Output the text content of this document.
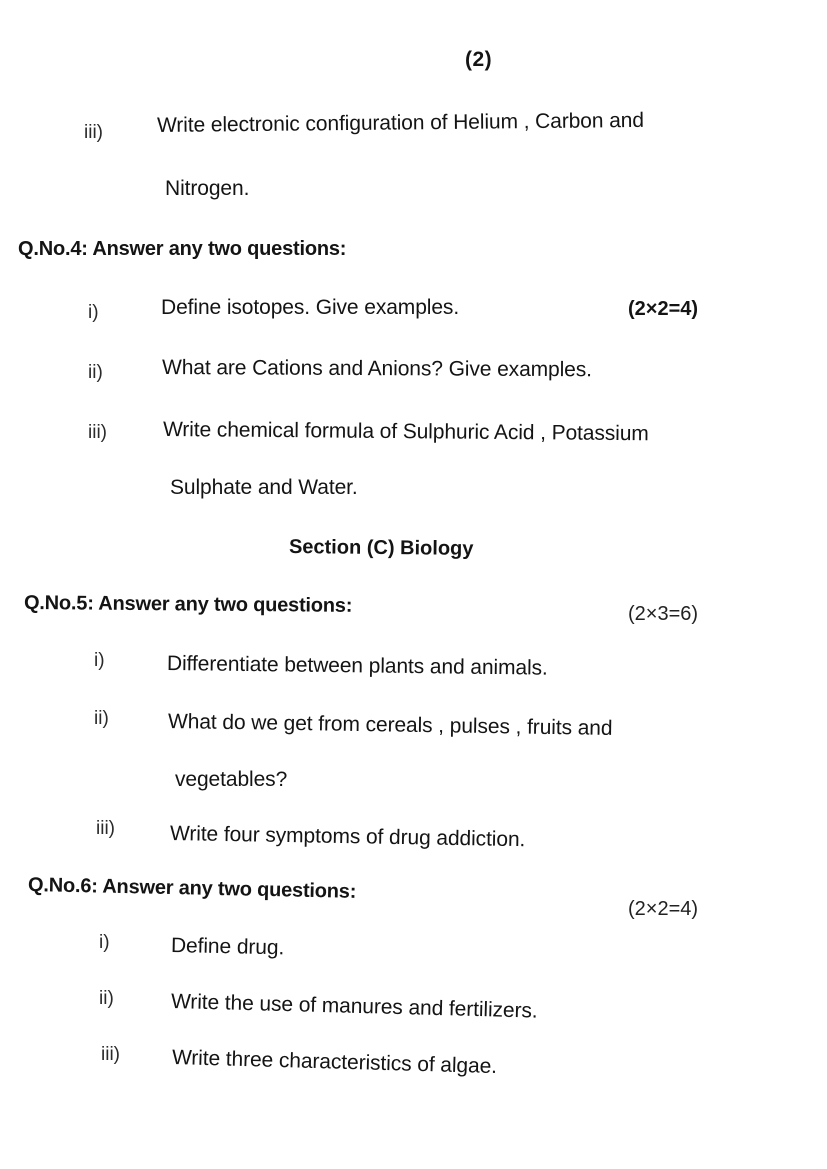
(2)
iii)	Write electronic configuration of Helium , Carbon and
Nitrogen.
Q.No.4: Answer any two questions:
(2×2=4)
i)	Define isotopes. Give examples.
ii)	What are Cations and Anions? Give examples.
iii)	Write chemical formula of Sulphuric Acid , Potassium
Sulphate and Water.
Section (C) Biology
Q.No.5: Answer any two questions:	(2×3=6)
i)	Differentiate between plants and animals.
ii)	What do we get from cereals , pulses , fruits and
vegetables?
iii)	Write four symptoms of drug addiction.
Q.No.6: Answer any two questions:
(2×2=4)
i)	Define drug.
ii)	Write the use of manures and fertilizers.
iii) Write three characteristics of algae.
